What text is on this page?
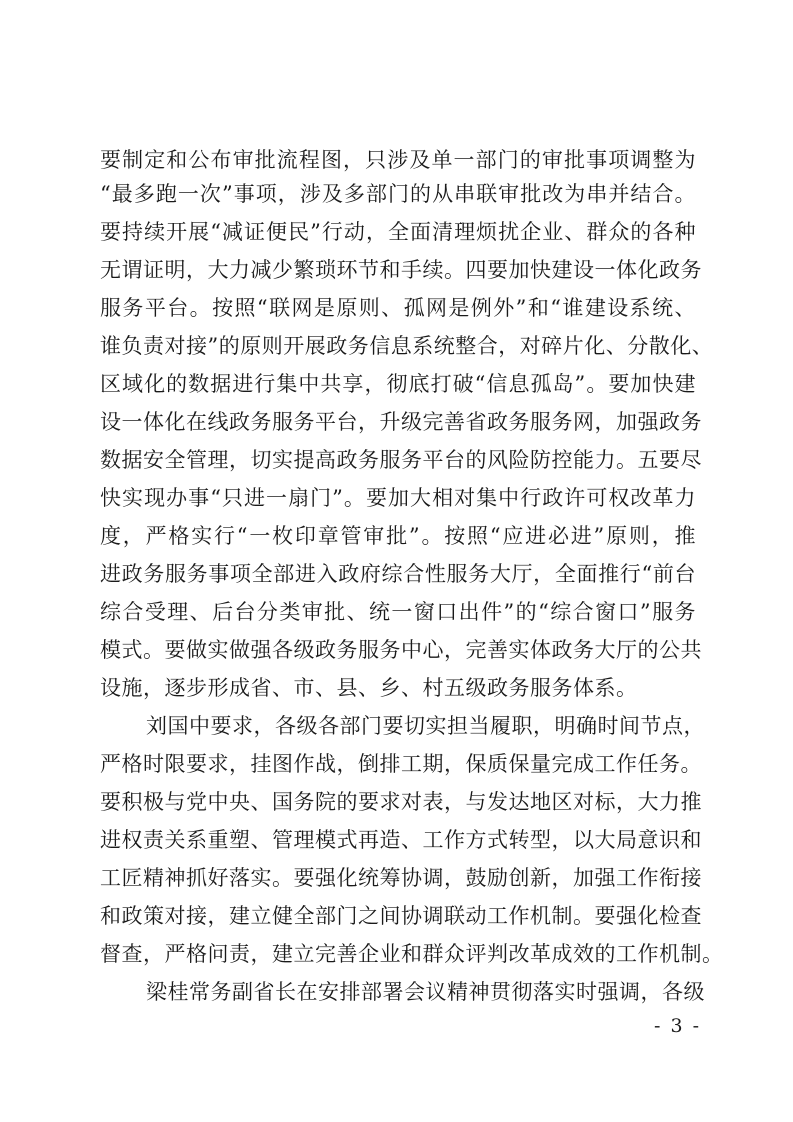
要制定和公布审批流程图，只涉及单一部门的审批事项调整为
“最多跑一次”事项，涉及多部门的从串联审批改为串并结合。
要持续开展“减证便民”行动，全面清理烦扰企业、群众的各种
无谓证明，大力减少繁琐环节和手续。四要加快建设一体化政务
服务平台。按照“联网是原则、孤网是例外”和“谁建设系统、
谁负责对接”的原则开展政务信息系统整合，对碎片化、分散化、
区域化的数据进行集中共享，彻底打破“信息孤岛”。要加快建
设一体化在线政务服务平台，升级完善省政务服务网，加强政务
数据安全管理，切实提高政务服务平台的风险防控能力。五要尽
快实现办事“只进一扇门”。要加大相对集中行政许可权改革力
度，严格实行“一枚印章管审批”。按照“应进必进”原则，推
进政务服务事项全部进入政府综合性服务大厅，全面推行“前台
综合受理、后台分类审批、统一窗口出件”的“综合窗口”服务
模式。要做实做强各级政务服务中心，完善实体政务大厅的公共
设施，逐步形成省、市、县、乡、村五级政务服务体系。
刘国中要求，各级各部门要切实担当履职，明确时间节点，
严格时限要求，挂图作战，倒排工期，保质保量完成工作任务。
要积极与党中央、国务院的要求对表，与发达地区对标，大力推
进权责关系重塑、管理模式再造、工作方式转型，以大局意识和
工匠精神抓好落实。要强化统筹协调，鼓励创新，加强工作衔接
和政策对接，建立健全部门之间协调联动工作机制。要强化检查
督查，严格问责，建立完善企业和群众评判改革成效的工作机制。
梁桂常务副省长在安排部署会议精神贯彻落实时强调，各级
- 3 -
